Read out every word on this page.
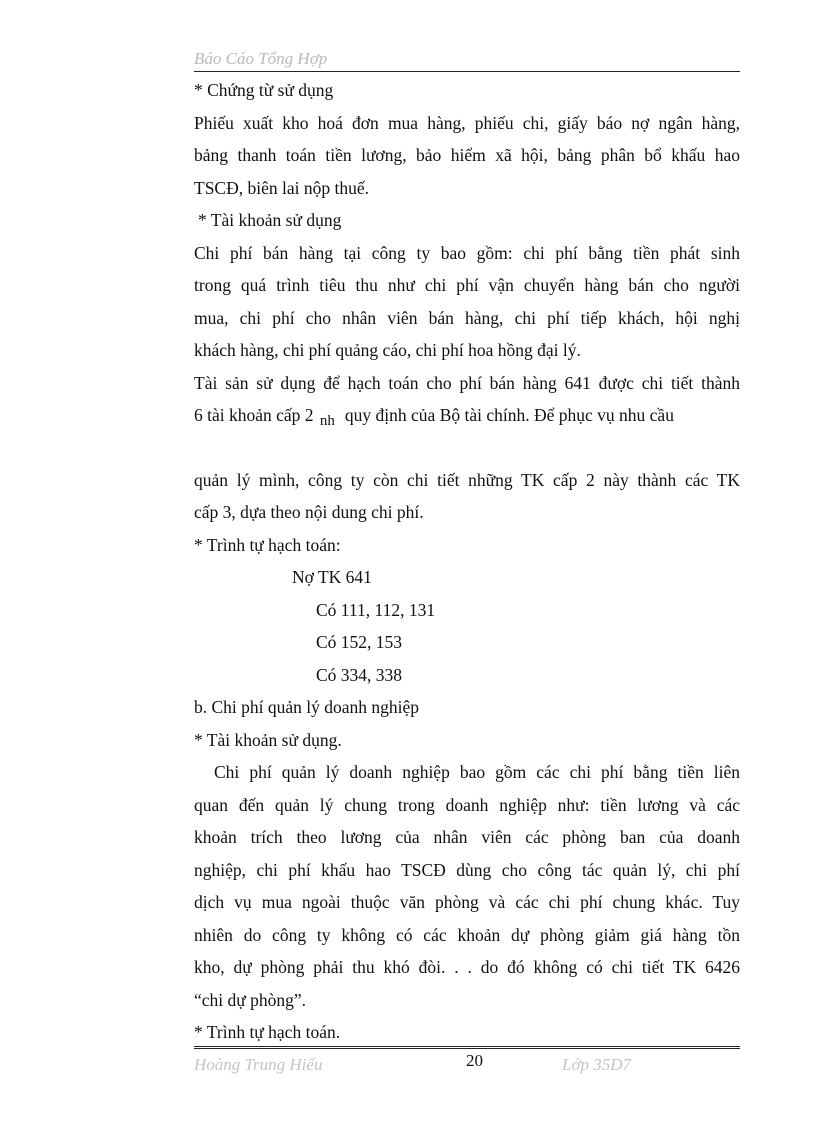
Báo Cáo Tổng Hợp
* Chứng từ sử dụng
Phiếu xuất kho hoá đơn mua hàng, phiếu chi, giấy báo nợ ngân hàng,
bảng thanh toán tiền lương, bảo hiểm xã hội, bảng phân bổ khấu hao
TSCĐ, biên lai nộp thuế.
* Tài khoản sử dụng
Chi phí bán hàng tại công ty bao gồm: chi phí bằng tiền phát sinh
trong quá trình tiêu thu như chi phí vận chuyển hàng bán cho người
mua, chi phí cho nhân viên bán hàng, chi phí tiếp khách, hội nghị
khách hàng, chi phí quảng cáo, chi phí hoa hồng đại lý.
Tài sản sử dụng để hạch toán cho phí bán hàng 641 được chi tiết thành
6 tài khoản cấp 2 nh quy định của Bộ tài chính. Để phục vụ nhu cầu
quản lý mình, công ty còn chi tiết những TK cấp 2 này thành các TK
cấp 3, dựa theo nội dung chi phí.
* Trình tự hạch toán:
Nợ TK 641
Có 111, 112, 131
Có 152, 153
Có 334, 338
b. Chi phí quản lý doanh nghiệp
* Tài khoản sử dụng.
Chi phí quản lý doanh nghiệp bao gồm các chi phí bằng tiền liên
quan đến quản lý chung trong doanh nghiệp như: tiền lương và các
khoản trích theo lương của nhân viên các phòng ban của doanh
nghiệp, chi phí khấu hao TSCĐ dùng cho công tác quản lý, chi phí
dịch vụ mua ngoài thuộc văn phòng và các chi phí chung khác. Tuy
nhiên do công ty không có các khoản dự phòng giảm giá hàng tồn
kho, dự phòng phải thu khó đòi. . . do đó không có chi tiết TK 6426
“chi dự phòng”.
* Trình tự hạch toán.
Hoàng Trung Hiếu	20	Lớp 35D7
